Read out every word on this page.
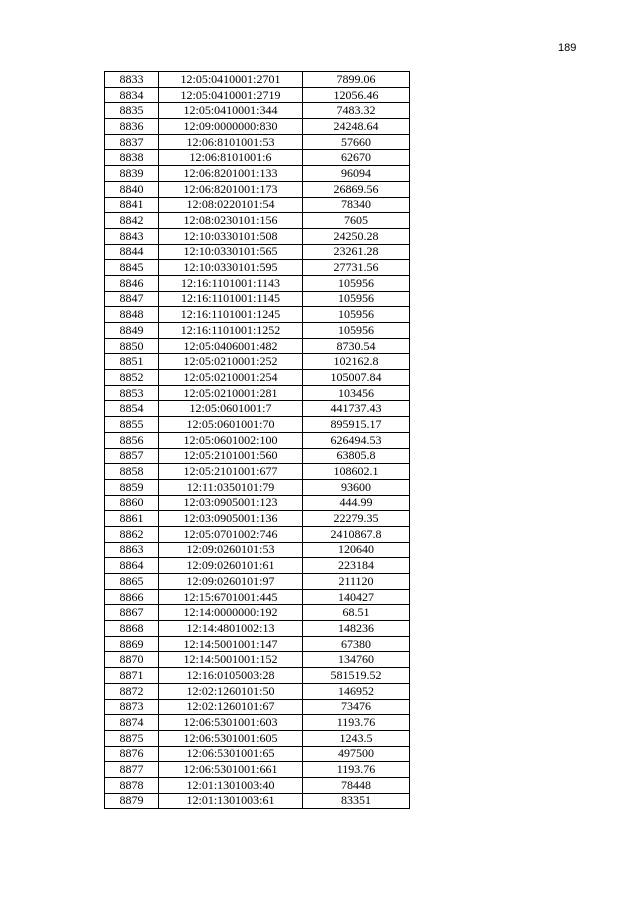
189
8833	12:05:0410001:2701	7899.06
8834	12:05:0410001:2719	12056.46
8835	12:05:0410001:344	7483.32
8836	12:09:0000000:830	24248.64
8837	12:06:8101001:53	57660
8838	12:06:8101001:6	62670
8839	12:06:8201001:133	96094
8840	12:06:8201001:173	26869.56
8841	12:08:0220101:54	78340
8842	12:08:0230101:156	7605
8843	12:10:0330101:508	24250.28
8844	12:10:0330101:565	23261.28
8845	12:10:0330101:595	27731.56
8846	12:16:1101001:1143	105956
8847	12:16:1101001:1145	105956
8848	12:16:1101001:1245	105956
8849	12:16:1101001:1252	105956
8850	12:05:0406001:482	8730.54
8851	12:05:0210001:252	102162.8
8852	12:05:0210001:254	105007.84
8853	12:05:0210001:281	103456
8854	12:05:0601001:7	441737.43
8855	12:05:0601001:70	895915.17
8856	12:05:0601002:100	626494.53
8857	12:05:2101001:560	63805.8
8858	12:05:2101001:677	108602.1
8859	12:11:0350101:79	93600
8860	12:03:0905001:123	444.99
8861	12:03:0905001:136	22279.35
8862	12:05:0701002:746	2410867.8
8863	12:09:0260101:53	120640
8864	12:09:0260101:61	223184
8865	12:09:0260101:97	211120
8866	12:15:6701001:445	140427
8867	12:14:0000000:192	68.51
8868	12:14:4801002:13	148236
8869	12:14:5001001:147	67380
8870	12:14:5001001:152	134760
8871	12:16:0105003:28	581519.52
8872	12:02:1260101:50	146952
8873	12:02:1260101:67	73476
8874	12:06:5301001:603	1193.76
8875	12:06:5301001:605	1243.5
8876	12:06:5301001:65	497500
8877	12:06:5301001:661	1193.76
8878	12:01:1301003:40	78448
8879	12:01:1301003:61	83351
